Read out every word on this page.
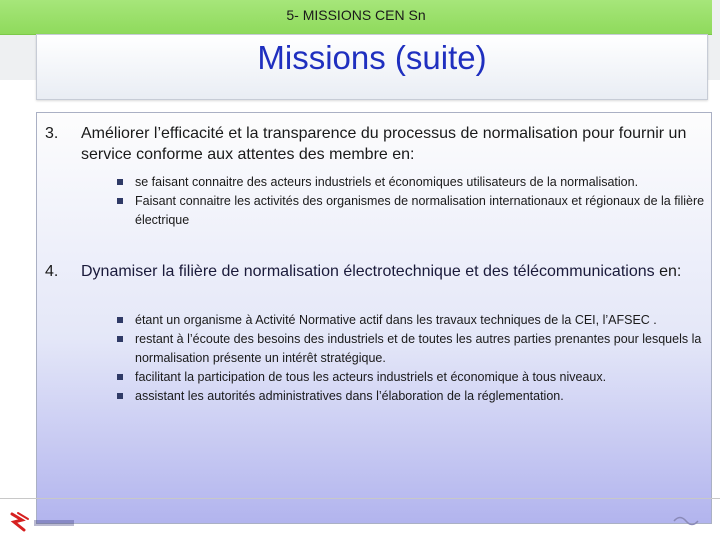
5- MISSIONS CEN Sn
Missions (suite)
3. Améliorer l’efficacité et la transparence du processus de normalisation pour fournir un service conforme aux attentes des membre en:
se faisant connaitre des acteurs industriels et économiques utilisateurs de la normalisation.
Faisant connaitre les activités des organismes de normalisation internationaux et régionaux de la filière électrique
4. Dynamiser la filière de normalisation électrotechnique et des télécommunications en:
étant un organisme à Activité Normative actif dans les travaux techniques de la CEI, l’AFSEC .
restant à l’écoute des besoins des industriels et de toutes les autres parties prenantes pour lesquels la normalisation présente un intérêt stratégique.
facilitant la participation de tous les acteurs industriels et économique à tous niveaux.
assistant les autorités administratives dans l’élaboration de la réglementation.
